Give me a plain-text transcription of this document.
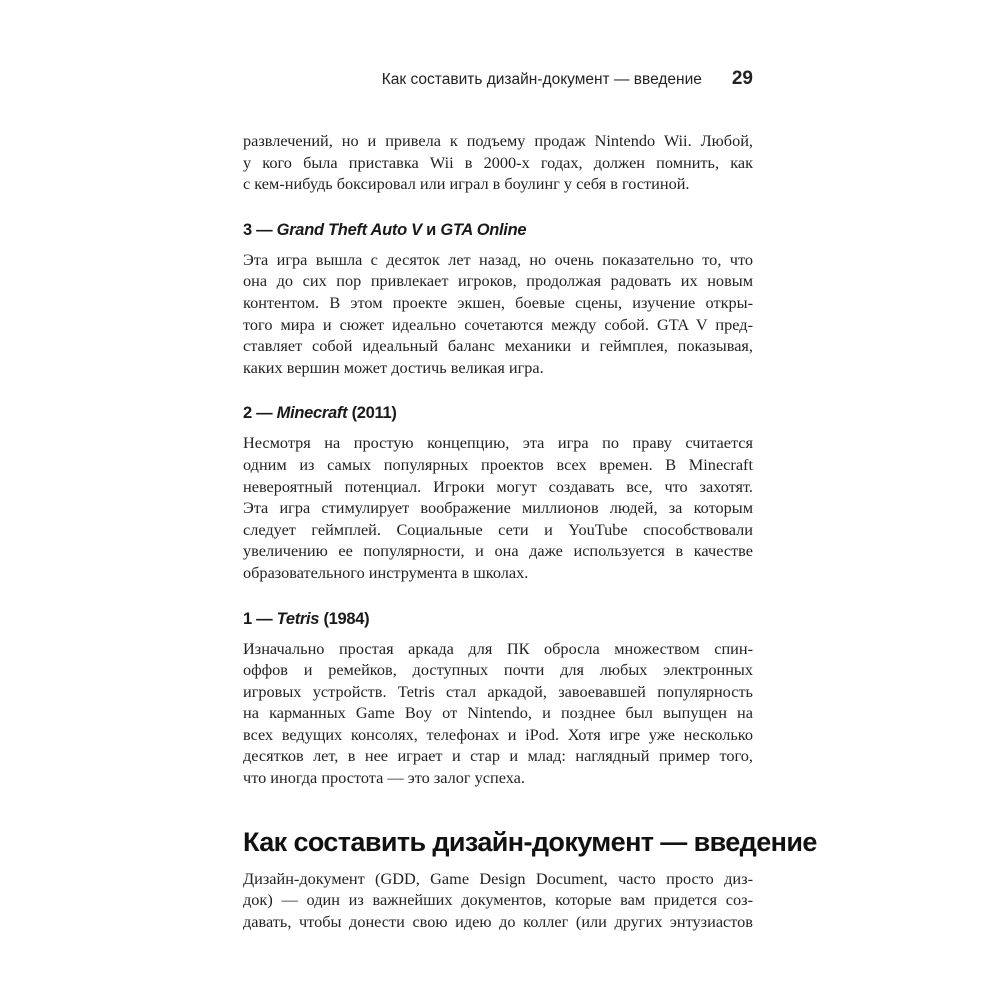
Как составить дизайн-документ — введение 29

развлечений, но и привела к подъему продаж Nintendo Wii. Любой,
у кого была приставка Wii в 2000-х годах, должен помнить, как
с кем-нибудь боксировал или играл в боулинг у себя в гостиной.

3 — Grand Theft Auto V и GTA Online

Эта игра вышла с десяток лет назад, но очень показательно то, что
она до сих пор привлекает игроков, продолжая радовать их новым
контентом. В этом проекте экшен, боевые сцены, изучение откры-
того мира и сюжет идеально сочетаются между собой. GTA V пред-
ставляет собой идеальный баланс механики и геймплея, показывая,
каких вершин может достичь великая игра.

2 — Minecraft (2011)

Несмотря на простую концепцию, эта игра по праву считается
одним из самых популярных проектов всех времен. В Minecraft
невероятный потенциал. Игроки могут создавать все, что захотят.
Эта игра стимулирует воображение миллионов людей, за которым
следует геймплей. Социальные сети и YouTube способствовали
увеличению ее популярности, и она даже используется в качестве
образовательного инструмента в школах.

1 — Tetris (1984)

Изначально простая аркада для ПК обросла множеством спин-
оффов и ремейков, доступных почти для любых электронных
игровых устройств. Tetris стал аркадой, завоевавшей популярность
на карманных Game Boy от Nintendo, и позднее был выпущен на
всех ведущих консолях, телефонах и iPod. Хотя игре уже несколько
десятков лет, в нее играет и стар и млад: наглядный пример того,
что иногда простота — это залог успеха.

Как составить дизайн-документ — введение

Дизайн-документ (GDD, Game Design Document, часто просто диз-
док) — один из важнейших документов, которые вам придется соз-
давать, чтобы донести свою идею до коллег (или других энтузиастов
